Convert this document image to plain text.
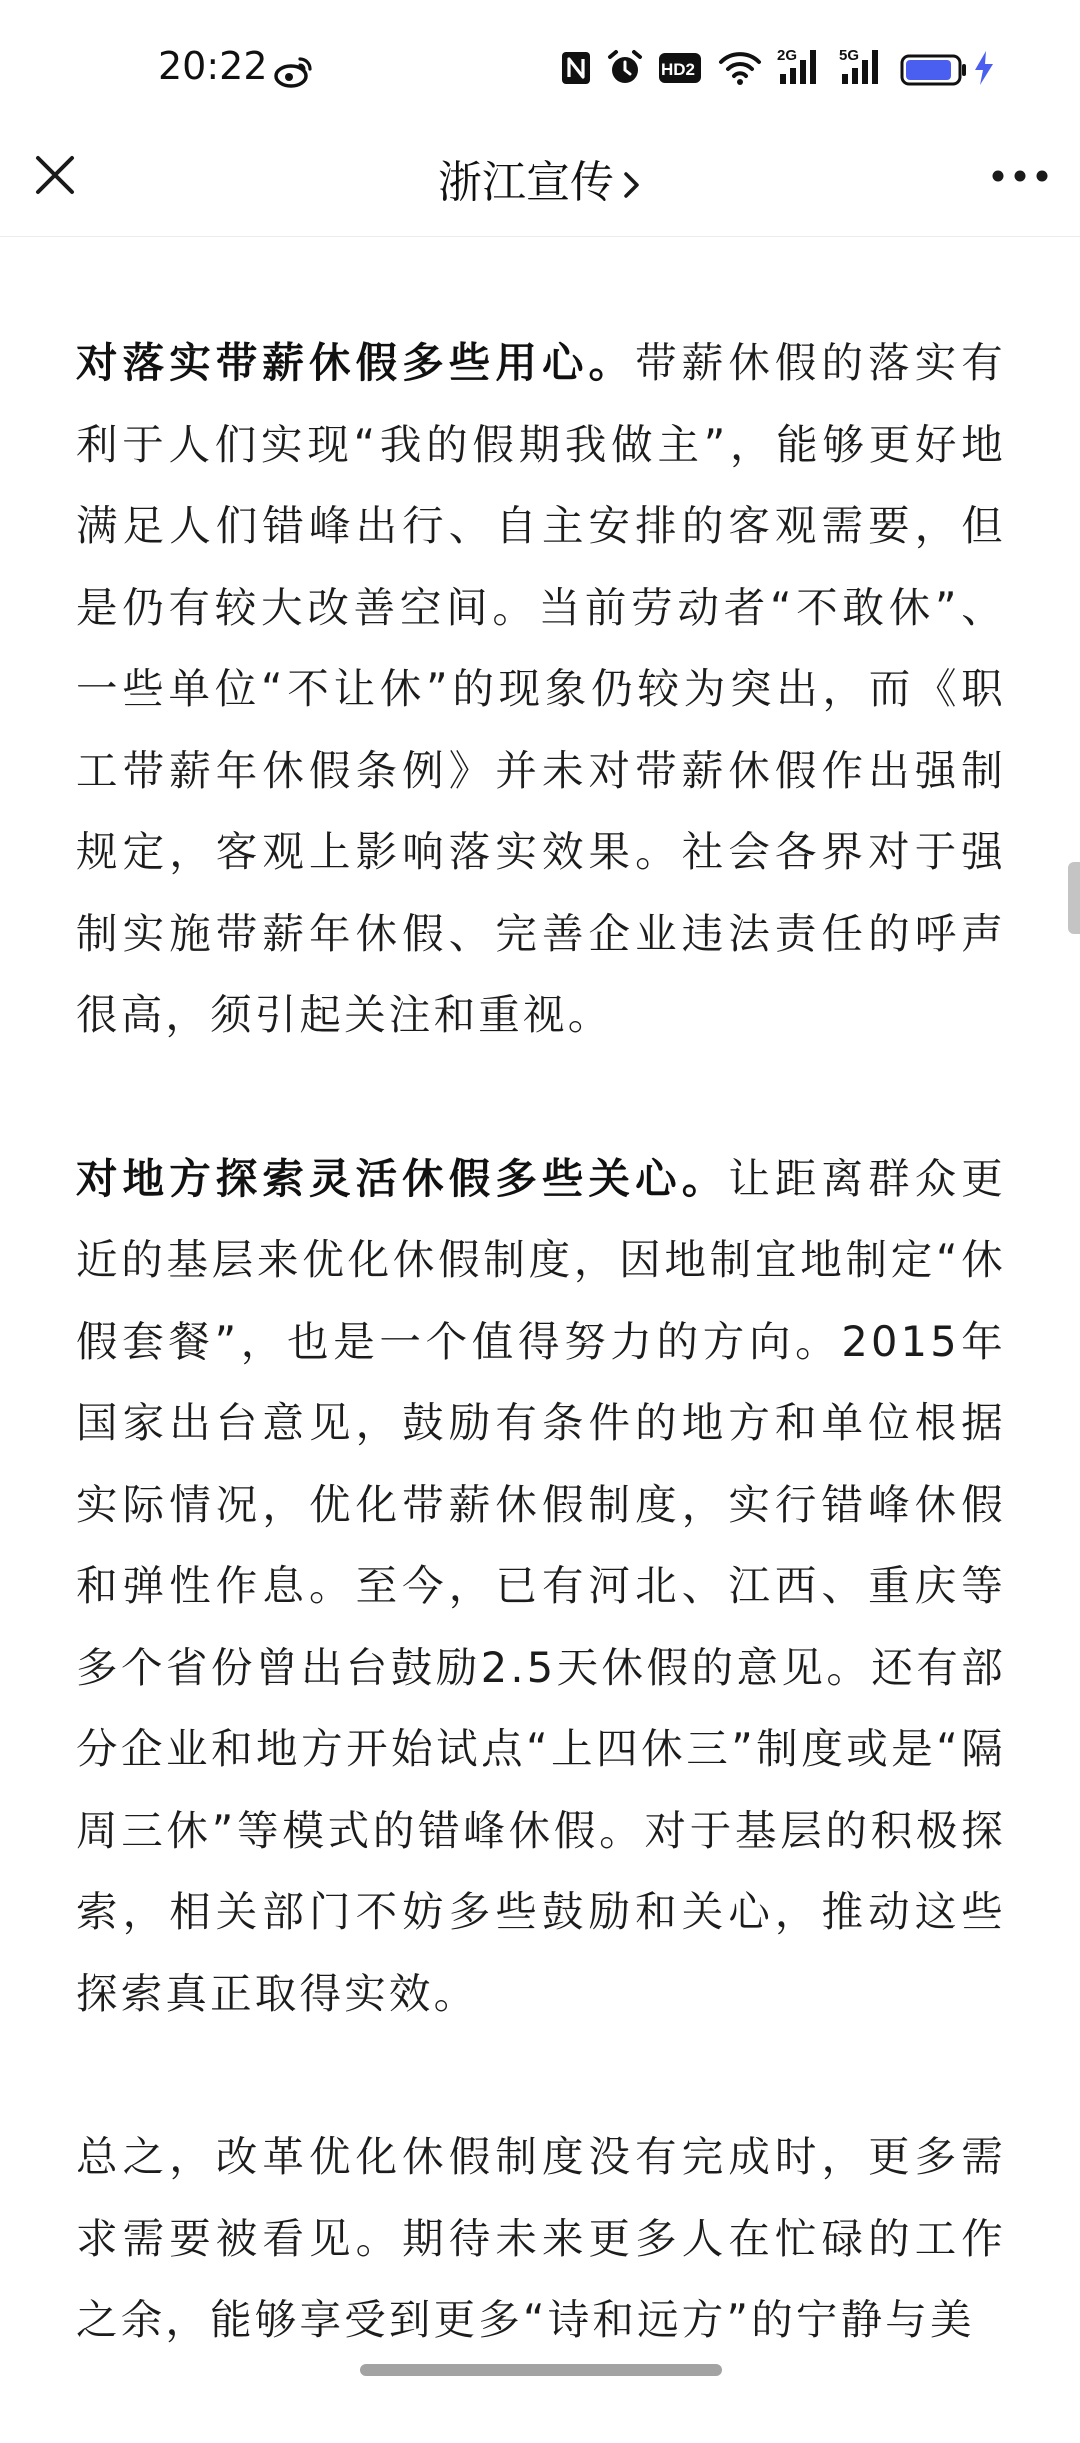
20:22	HD2
2G	5G
浙江宣传

对落实带薪休假多些用心。带薪休假的落实有利于人们实现“我的假期我做主”，能够更好地满足人们错峰出行、自主安排的客观需要，但是仍有较大改善空间。当前劳动者“不敢休”、一些单位“不让休”的现象仍较为突出，而《职工带薪年休假条例》并未对带薪休假作出强制规定，客观上影响落实效果。社会各界对于强制实施带薪年休假、完善企业违法责任的呼声很高，须引起关注和重视。

对地方探索灵活休假多些关心。让距离群众更近的基层来优化休假制度，因地制宜地制定“休假套餐”，也是一个值得努力的方向。2015年国家出台意见，鼓励有条件的地方和单位根据实际情况，优化带薪休假制度，实行错峰休假和弹性作息。至今，已有河北、江西、重庆等多个省份曾出台鼓励2.5天休假的意见。还有部分企业和地方开始试点“上四休三”制度或是“隔周三休”等模式的错峰休假。对于基层的积极探索，相关部门不妨多些鼓励和关心，推动这些探索真正取得实效。

总之，改革优化休假制度没有完成时，更多需求需要被看见。期待未来更多人在忙碌的工作之余，能够享受到更多“诗和远方”的宁静与美
